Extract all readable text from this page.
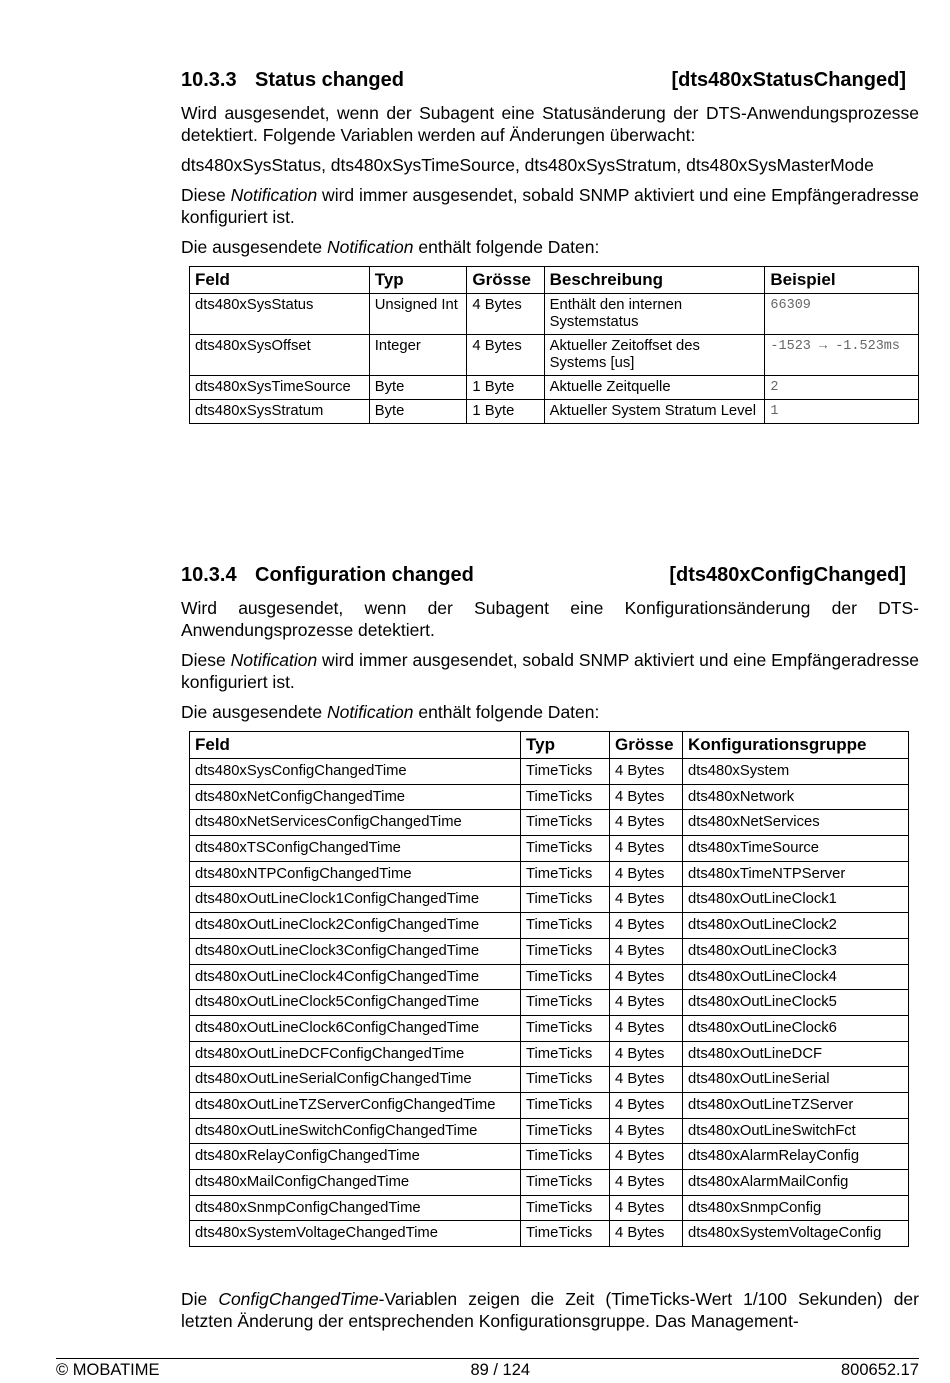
10.3.3 Status changed	[dts480xStatusChanged]

Wird ausgesendet, wenn der Subagent eine Statusänderung der DTS-Anwendungsprozesse detektiert. Folgende Variablen werden auf Änderungen überwacht:

dts480xSysStatus, dts480xSysTimeSource, dts480xSysStratum, dts480xSysMasterMode

Diese Notification wird immer ausgesendet, sobald SNMP aktiviert und eine Empfängeradresse konfiguriert ist.

Die ausgesendete Notification enthält folgende Daten:

Feld	Typ	Grösse	Beschreibung	Beispiel
dts480xSysStatus	Unsigned Int	4 Bytes	Enthält den internen Systemstatus	66309
dts480xSysOffset	Integer	4 Bytes	Aktueller Zeitoffset des Systems [us]	-1523 → -1.523ms
dts480xSysTimeSource	Byte	1 Byte	Aktuelle Zeitquelle	2
dts480xSysStratum	Byte	1 Byte	Aktueller System Stratum Level	1
10.3.4 Configuration changed	[dts480xConfigChanged]

Wird ausgesendet, wenn der Subagent eine Konfigurationsänderung der DTS-Anwendungsprozesse detektiert.

Diese Notification wird immer ausgesendet, sobald SNMP aktiviert und eine Empfängeradresse konfiguriert ist.

Die ausgesendete Notification enthält folgende Daten:

Feld	Typ	Grösse	Konfigurationsgruppe
dts480xSysConfigChangedTime	TimeTicks	4 Bytes	dts480xSystem
dts480xNetConfigChangedTime	TimeTicks	4 Bytes	dts480xNetwork
dts480xNetServicesConfigChangedTime	TimeTicks	4 Bytes	dts480xNetServices
dts480xTSConfigChangedTime	TimeTicks	4 Bytes	dts480xTimeSource
dts480xNTPConfigChangedTime	TimeTicks	4 Bytes	dts480xTimeNTPServer
dts480xOutLineClock1ConfigChangedTime	TimeTicks	4 Bytes	dts480xOutLineClock1
dts480xOutLineClock2ConfigChangedTime	TimeTicks	4 Bytes	dts480xOutLineClock2
dts480xOutLineClock3ConfigChangedTime	TimeTicks	4 Bytes	dts480xOutLineClock3
dts480xOutLineClock4ConfigChangedTime	TimeTicks	4 Bytes	dts480xOutLineClock4
dts480xOutLineClock5ConfigChangedTime	TimeTicks	4 Bytes	dts480xOutLineClock5
dts480xOutLineClock6ConfigChangedTime	TimeTicks	4 Bytes	dts480xOutLineClock6
dts480xOutLineDCFConfigChangedTime	TimeTicks	4 Bytes	dts480xOutLineDCF
dts480xOutLineSerialConfigChangedTime	TimeTicks	4 Bytes	dts480xOutLineSerial
dts480xOutLineTZServerConfigChangedTime	TimeTicks	4 Bytes	dts480xOutLineTZServer
dts480xOutLineSwitchConfigChangedTime	TimeTicks	4 Bytes	dts480xOutLineSwitchFct
dts480xRelayConfigChangedTime	TimeTicks	4 Bytes	dts480xAlarmRelayConfig
dts480xMailConfigChangedTime	TimeTicks	4 Bytes	dts480xAlarmMailConfig
dts480xSnmpConfigChangedTime	TimeTicks	4 Bytes	dts480xSnmpConfig
dts480xSystemVoltageChangedTime	TimeTicks	4 Bytes	dts480xSystemVoltageConfig

Die ConfigChangedTime-Variablen zeigen die Zeit (TimeTicks-Wert 1/100 Sekunden) der letzten Änderung der entsprechenden Konfigurationsgruppe. Das Management-

© MOBATIME	89 / 124	800652.17
